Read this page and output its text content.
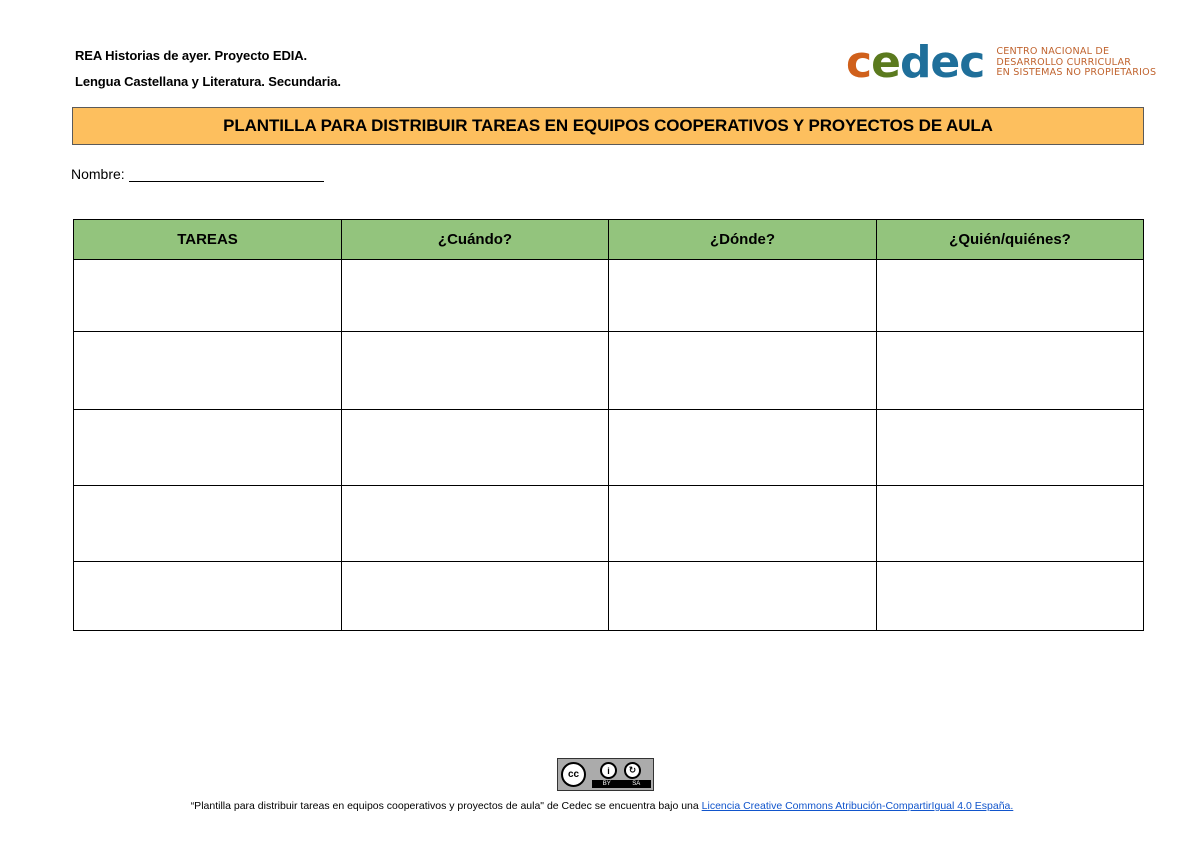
REA Historias de ayer. Proyecto EDIA.
Lengua Castellana y Literatura. Secundaria.	cedec CENTRO NACIONAL DE
DESARROLLO CURRICULAR
EN SISTEMAS NO PROPIETARIOS
PLANTILLA PARA DISTRIBUIR TAREAS EN EQUIPOS COOPERATIVOS Y PROYECTOS DE AULA
Nombre:
TAREAS	¿Cuándo?	¿Dónde?	¿Quién/quiénes?

cc	i	↻
BY	SA
“Plantilla para distribuir tareas en equipos cooperativos y proyectos de aula" de Cedec se encuentra bajo una Licencia Creative Commons Atribución-CompartirIgual 4.0 España.
